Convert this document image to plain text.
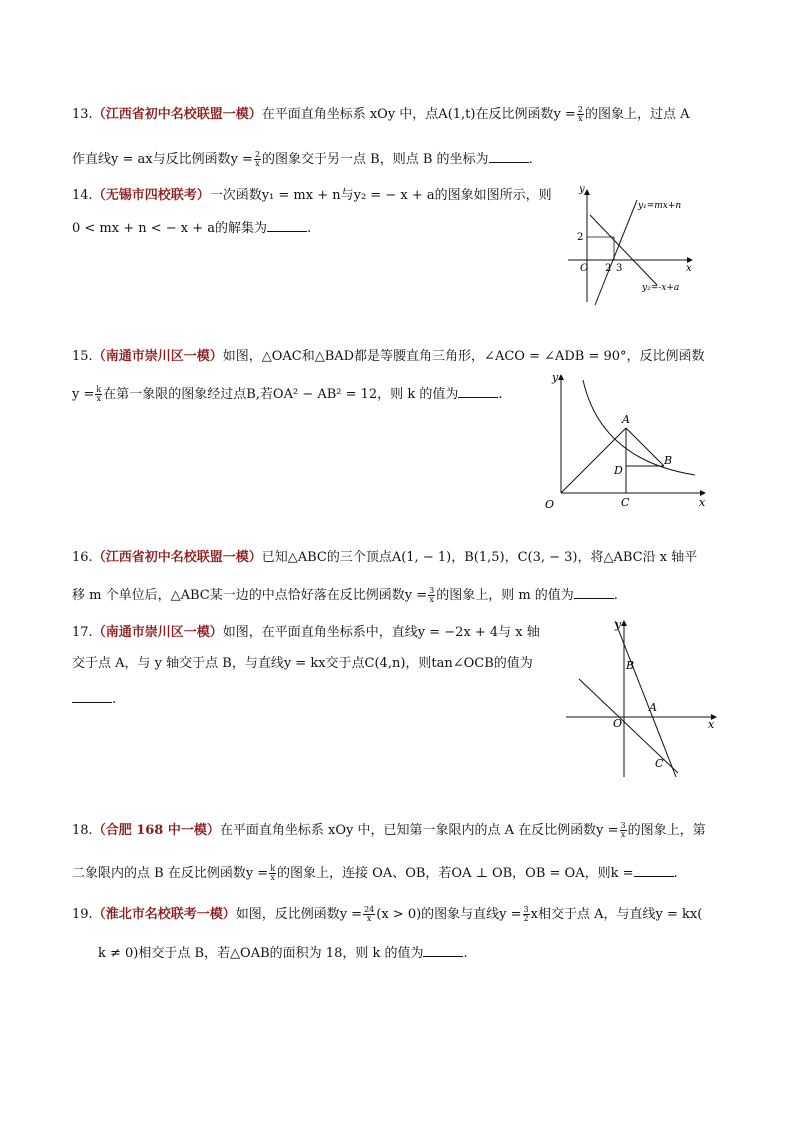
13.（江西省初中名校联盟一模）在平面直角坐标系 xOy 中，点A(1,t)在反比例函数$y = \frac{2}{x}$ 的图象上，过点 A
作直线y = ax与反比例函数$y = \frac{2}{x}$ 的图象交于另一点 B，则点 B 的坐标为	.
14.（无锡市四校联考）一次函数y₁ = mx + n与y₂ = − x + a的图象如图所示，则
0 < mx + n < − x + a的解集为	.
y
x
O
y₁=mx+n
y₂=-x+a
2
2 3
15.（南通市崇川区一模）如图，△OAC和△BAD都是等腰直角三角形，∠ACO = ∠ADB = 90°，反比例函数
$y = \frac{k}{x}$ 在第一象限的图象经过点B,若OA² − AB² = 12，则 k 的值为	.
y
x
O
A
B
C
D
16.（江西省初中名校联盟一模）已知△ABC的三个顶点A(1, − 1)，B(1,5)，C(3, − 3)，将△ABC沿 x 轴平
移 m 个单位后，△ABC某一边的中点恰好落在反比例函数$y = \frac{3}{x}$ 的图象上，则 m 的值为	.
17.（南通市崇川区一模）如图，在平面直角坐标系中，直线y = −2x + 4与 x 轴
交于点 A，与 y 轴交于点 B，与直线y = kx交于点C(4,n)，则tan∠OCB的值为
.
y
x
O
A
B
C
18.（合肥 168 中一模）在平面直角坐标系 xOy 中，已知第一象限内的点 A 在反比例函数$y = \frac{3}{x}$ 的图象上，第
二象限内的点 B 在反比例函数$y = \frac{k}{x}$ 的图象上，连接 OA、OB，若OA ⊥ OB，OB = OA，则k =	.
19.（淮北市名校联考一模）如图，反比例函数$y = \frac{24}{x} (x > 0)$的图象与直线$y = \frac{3}{2}$ x相交于点 A，与直线y = kx(
k ≠ 0)相交于点 B，若△OAB的面积为 18，则 k 的值为	.
